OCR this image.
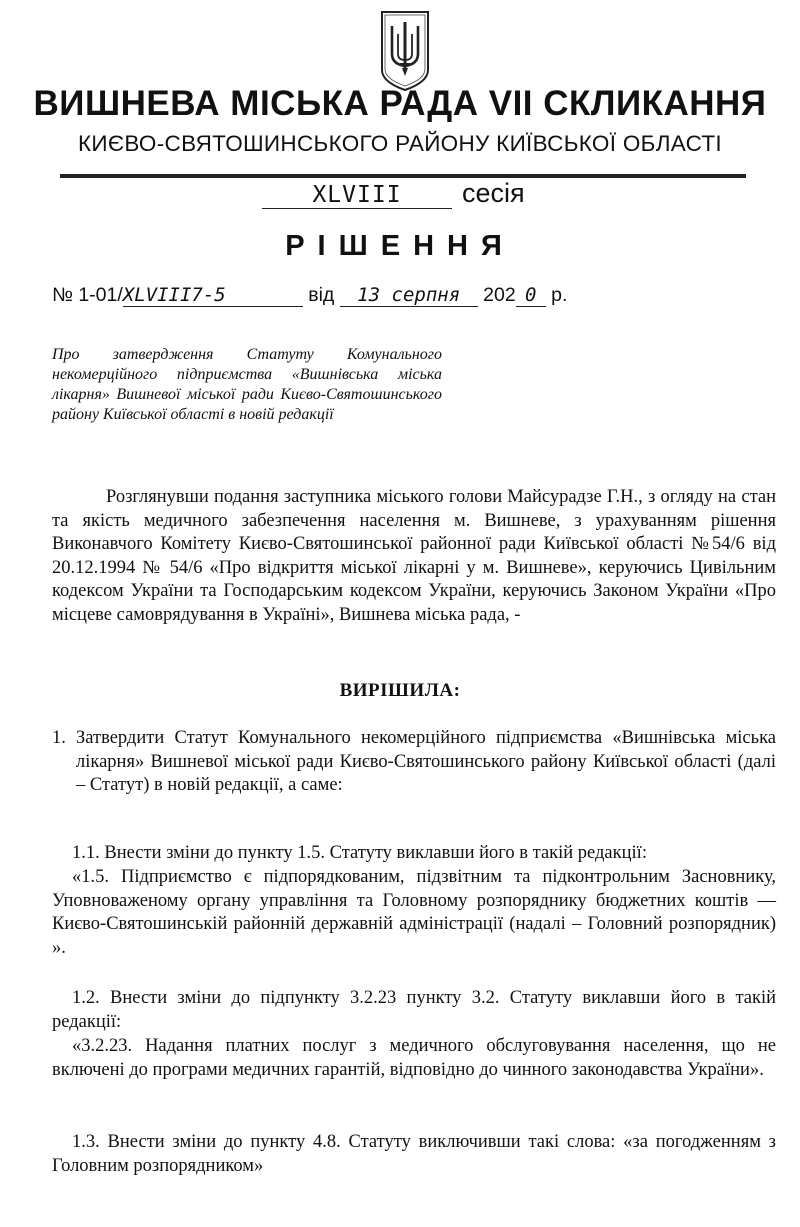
ВИШНЕВА МІСЬКА РАДА VII СКЛИКАННЯ
КИЄВО-СВЯТОШИНСЬКОГО РАЙОНУ КИЇВСЬКОЇ ОБЛАСТІ
XLVIII сесія
РІШЕННЯ
№ 1-01/XLVIII7-5	від 13 серпня 202 0 р.
Про затвердження Статуту Комунального некомерційного підприємства «Вишнівська міська лікарня» Вишневої міської ради Києво-Святошинського району Київської області в новій редакції
Розглянувши подання заступника міського голови Майсурадзе Г.Н., з огляду на стан та якість медичного забезпечення населення м. Вишневе, з урахуванням рішення Виконавчого Комітету Києво-Святошинської районної ради Київської області №54/6 від 20.12.1994 № 54/6 «Про відкриття міської лікарні у м. Вишневе», керуючись Цивільним кодексом України та Господарським кодексом України, керуючись Законом України «Про місцеве самоврядування в Україні», Вишнева міська рада, -
ВИРІШИЛА:
1. Затвердити Статут Комунального некомерційного підприємства «Вишнівська міська лікарня» Вишневої міської ради Києво-Святошинського району Київської області (далі – Статут) в новій редакції, а саме:
1.1. Внести зміни до пункту 1.5. Статуту виклавши його в такій редакції:
«1.5. Підприємство є підпорядкованим, підзвітним та підконтрольним Засновнику, Уповноваженому органу управління та Головному розпоряднику бюджетних коштів — Києво-Святошинській районній державній адміністрації (надалі – Головний розпорядник) ».
1.2. Внести зміни до підпункту 3.2.23 пункту 3.2. Статуту виклавши його в такій редакції:
«3.2.23. Надання платних послуг з медичного обслуговування населення, що не включені до програми медичних гарантій, відповідно до чинного законодавства України».
1.3. Внести зміни до пункту 4.8. Статуту виключивши такі слова: «за погодженням з Головним розпорядником»
